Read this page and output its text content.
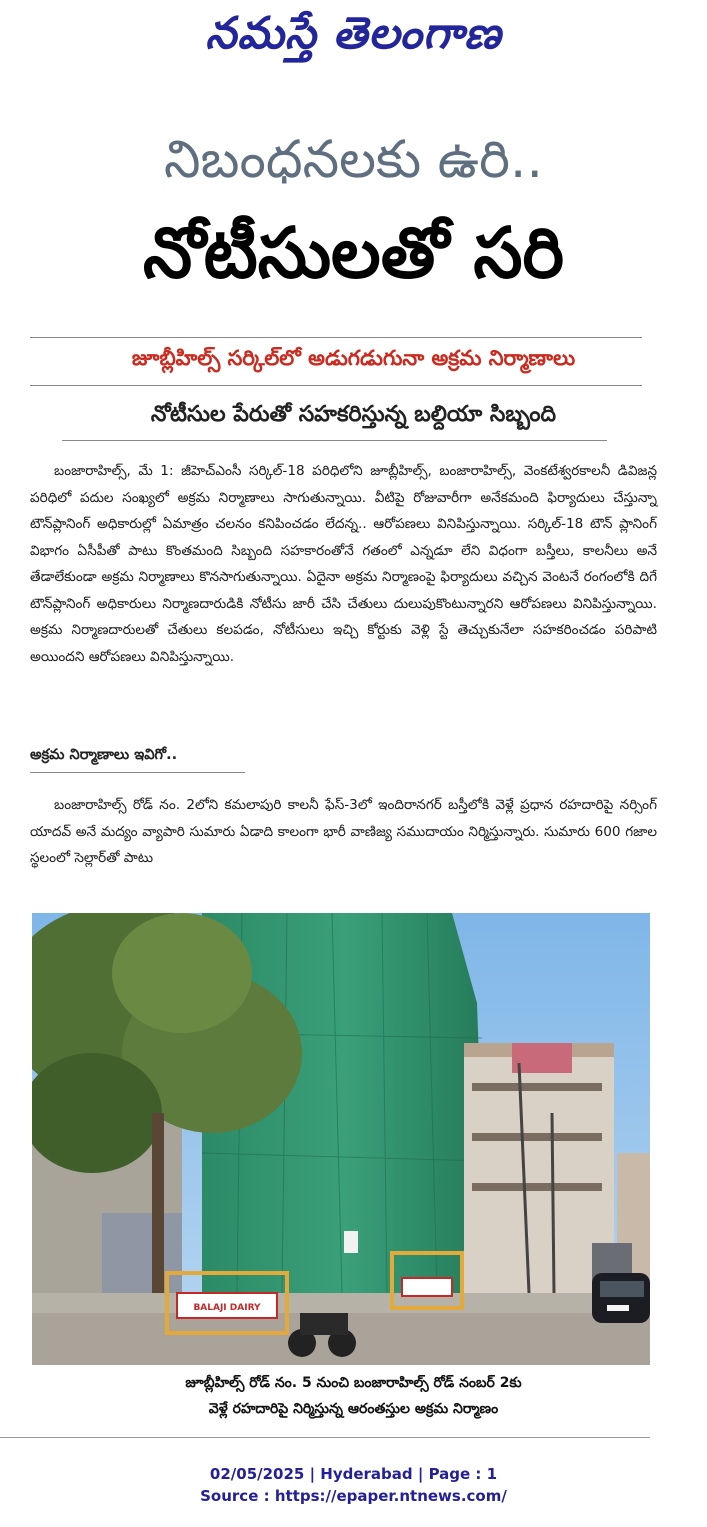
నమస్తే తెలంగాణ
నిబంధనలకు ఉరి..
నోటీసులతో సరి
జూబ్లీహిల్స్ సర్కిల్‌లో అడుగడుగునా అక్రమ నిర్మాణాలు
నోటీసుల పేరుతో సహకరిస్తున్న బల్దియా సిబ్బంది

బంజారాహిల్స్, మే 1: జీహెచ్ఎంసీ సర్కిల్-18 పరిధిలోని జూబ్లీహిల్స్, బంజారాహిల్స్, వెంకటేశ్వరకాలనీ డివిజన్ల పరిధిలో పదుల సంఖ్యలో అక్రమ నిర్మాణాలు సాగుతున్నాయి. వీటిపై రోజువారీగా అనేకమంది ఫిర్యాదులు చేస్తున్నా టౌన్‌ప్లానింగ్ అధికారుల్లో ఏమాత్రం చలనం కనిపించడం లేదన్న.. ఆరోపణలు వినిపిస్తున్నాయి. సర్కిల్-18 టౌన్ ప్లానింగ్ విభాగం ఏసీపీతో పాటు కొంతమంది సిబ్బంది సహకారంతోనే గతంలో ఎన్నడూ లేని విధంగా బస్తీలు, కాలనీలు అనే తేడాలేకుండా అక్రమ నిర్మాణాలు కొనసాగుతున్నాయి. ఏదైనా అక్రమ నిర్మాణంపై ఫిర్యాదులు వచ్చిన వెంటనే రంగంలోకి దిగే టౌన్‌ప్లానింగ్ అధికారులు నిర్మాణదారుడికి నోటీసు జారీ చేసి చేతులు దులుపుకొంటున్నారని ఆరోపణలు వినిపిస్తున్నాయి. అక్రమ నిర్మాణదారులతో చేతులు కలపడం, నోటీసులు ఇచ్చి కోర్టుకు వెళ్లి స్టే తెచ్చుకునేలా సహకరించడం పరిపాటి అయిందని ఆరోపణలు వినిపిస్తున్నాయి.

అక్రమ నిర్మాణాలు ఇవిగో..

బంజారాహిల్స్ రోడ్ నం. 2లోని కమలాపురి కాలనీ ఫేస్-3లో ఇందిరానగర్ బస్తీలోకి వెళ్లే ప్రధాన రహదారిపై నర్సింగ్ యాదవ్ అనే మద్యం వ్యాపారి సుమారు ఏడాది కాలంగా భారీ వాణిజ్య సముదాయం నిర్మిస్తున్నారు. సుమారు 600 గజాల స్థలంలో సెల్లార్‌తో పాటు

BALAJI DAIRY
జూబ్లీహిల్స్ రోడ్ నం. 5 నుంచి బంజారాహిల్స్ రోడ్ నంబర్ 2కు
వెళ్లే రహదారిపై నిర్మిస్తున్న ఆరంతస్తుల అక్రమ నిర్మాణం
02/05/2025 | Hyderabad | Page : 1
Source : https://epaper.ntnews.com/
